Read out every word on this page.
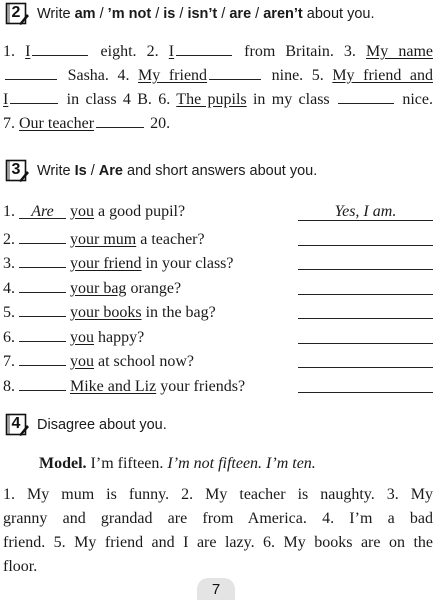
2 Write am / ’m not / is / isn’t / are / aren’t about you.
1. I	eight. 2. I	from Britain. 3. My name
Sasha. 4. My friend	nine. 5. My friend and
I	in class 4 B. 6. The pupils in my class	nice.
7. Our teacher	20.
3 Write Is / Are and short answers about you.
1. Are you a good pupil?	Yes, I am.
2.	your mum a teacher?
3.	your friend in your class?
4.	your bag orange?
5.	your books in the bag?
6.	you happy?
7.	you at school now?
8.	Mike and Liz your friends?
4 Disagree about you.
Model. I’m fifteen. I’m not fifteen. I’m ten.
1. My mum is funny. 2. My teacher is naughty. 3. My
granny and grandad are from America. 4. I’m a bad
friend. 5. My friend and I are lazy. 6. My books are on the
floor.
7
